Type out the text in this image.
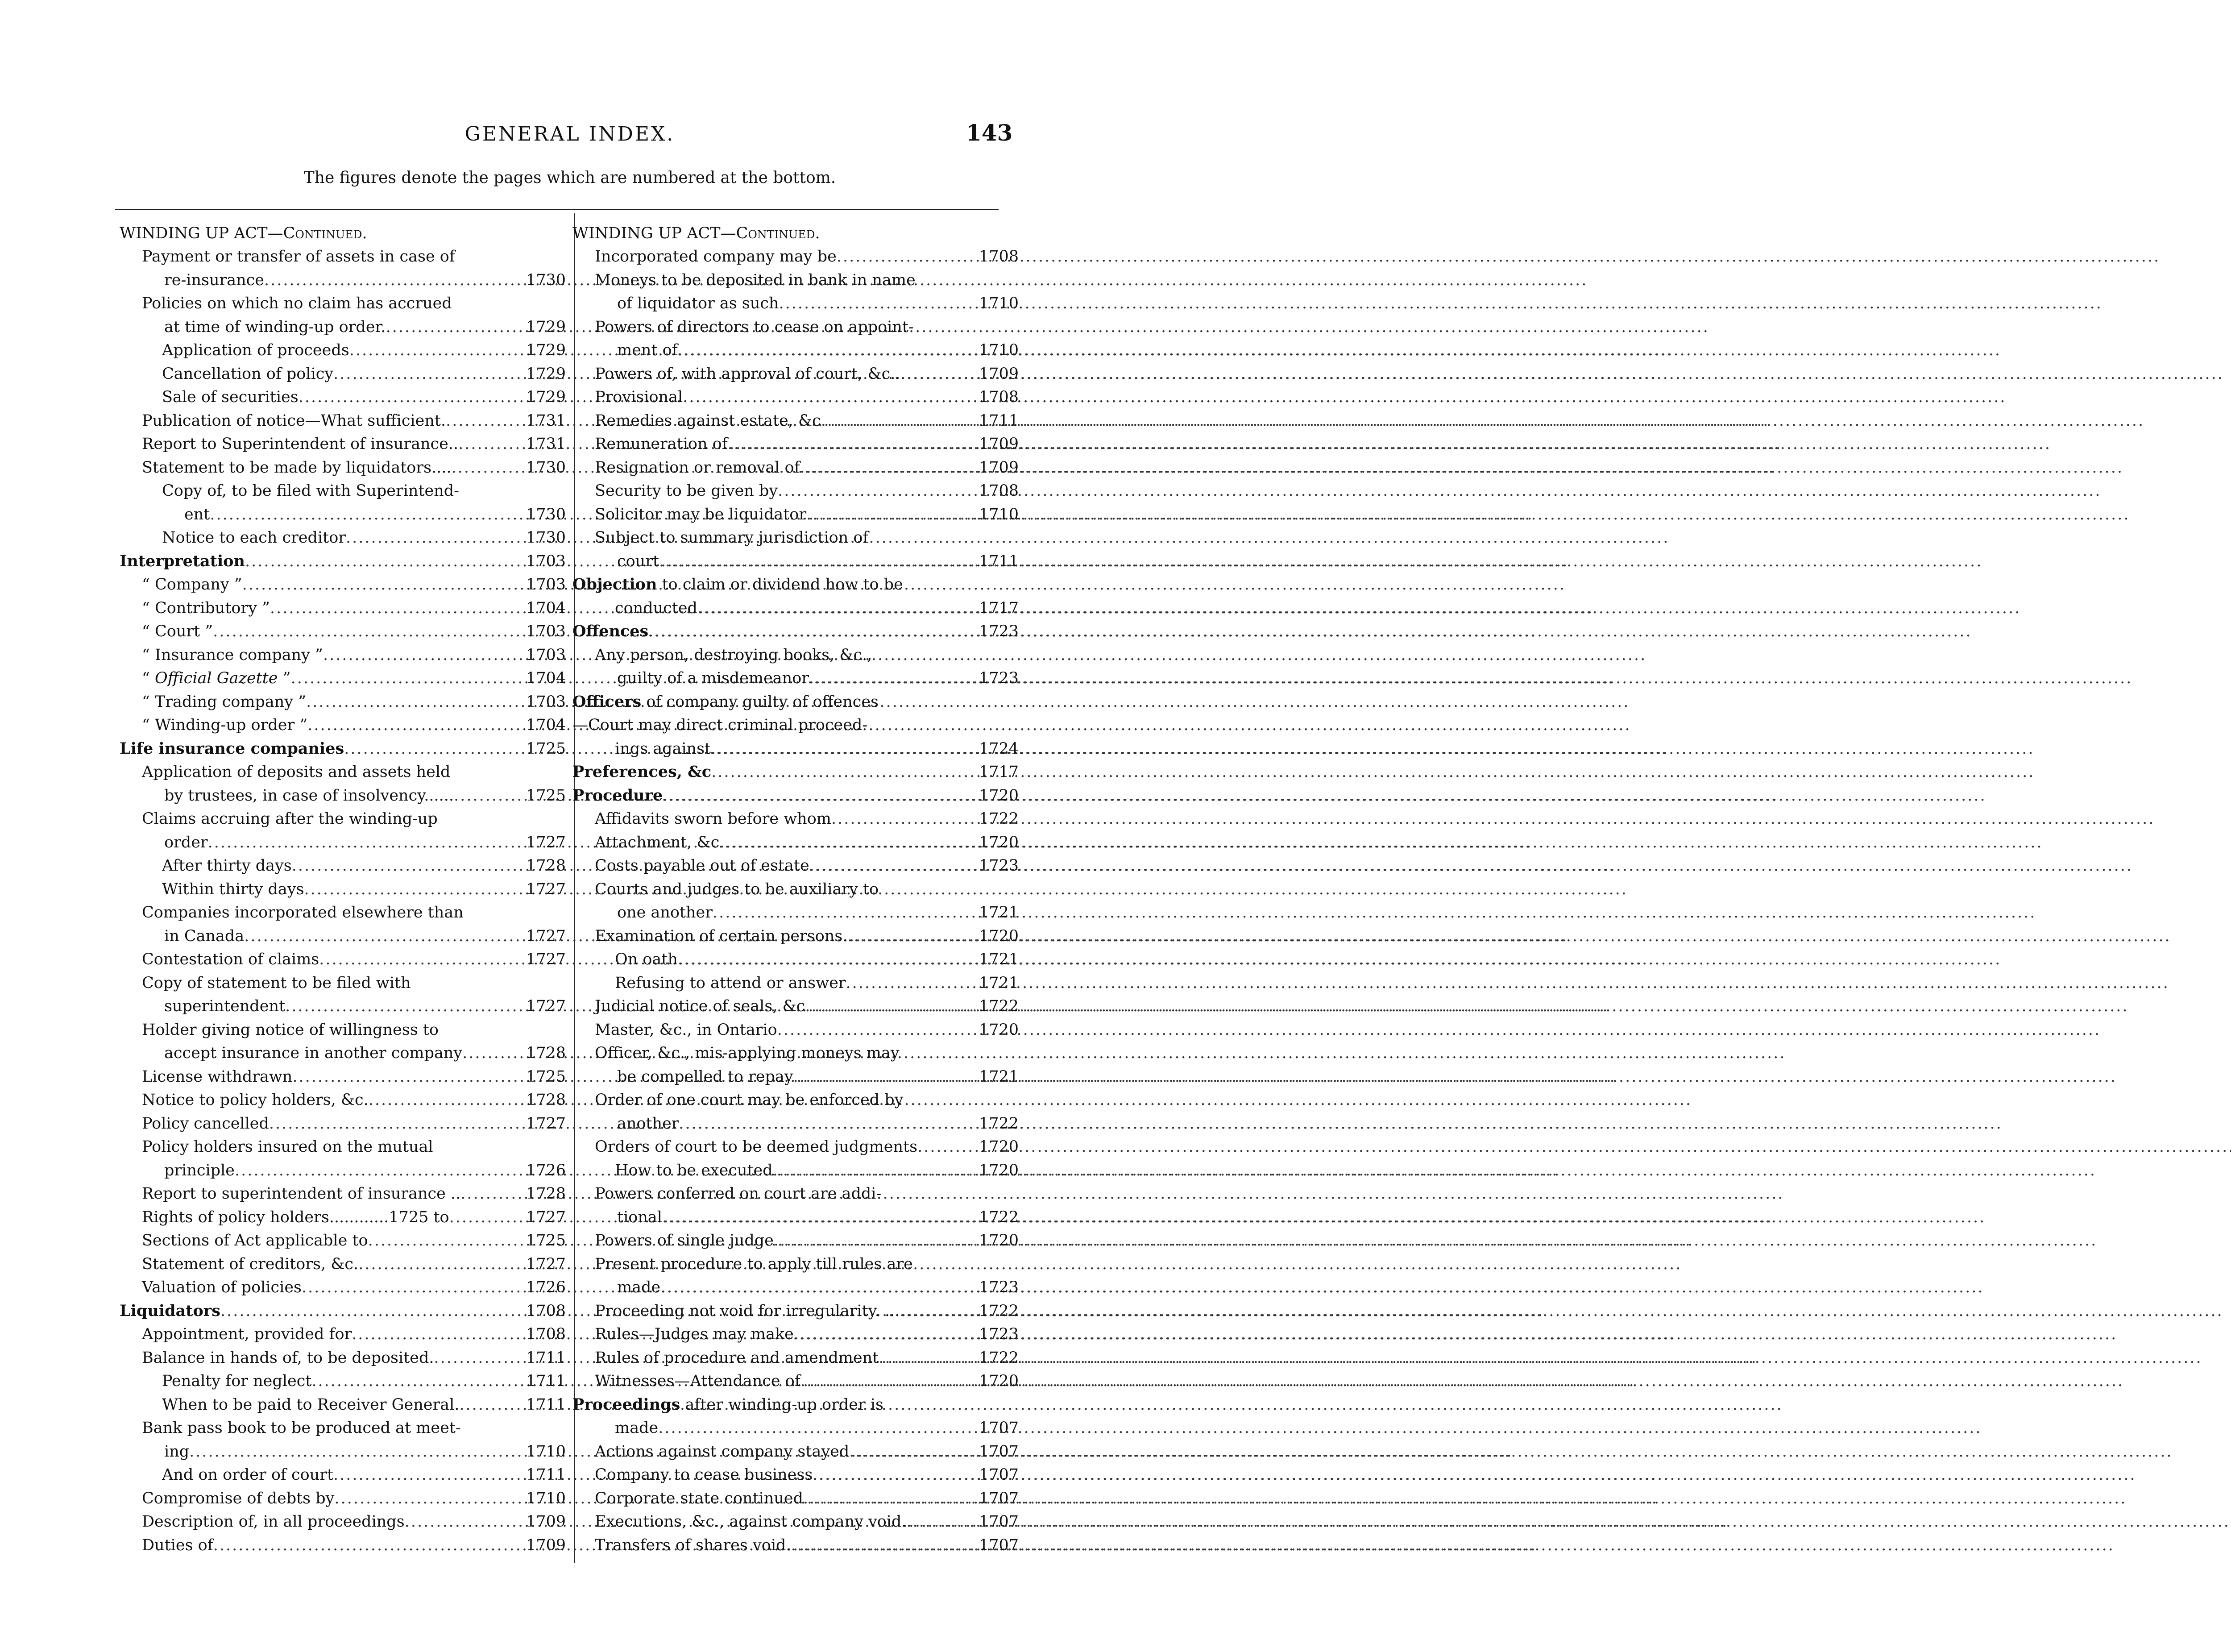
GENERAL INDEX.	143
The figures denote the pages which are numbered at the bottom.

WINDING UP ACT—Continued.

Payment or transfer of assets in case of
re-insurance .....	1730
Policies on which no claim has accrued
at time of winding-up order. .....	1729
Application of proceeds .....	1729
Cancellation of policy .....	1729
Sale of securities .....	1729
Publication of notice—What sufficient. .....	1731
Report to Superintendent of insurance.. .....	1731
Statement to be made by liquidators.... .....	1730
Copy of, to be filed with Superintend-
ent .....	1730
Notice to each creditor .....	1730
Interpretation .....	1703
“ Company ” .....	1703
“ Contributory ” .....	1704
“ Court ” .....	1703
“ Insurance company ” .....	1703
“ Official Gazette ” .....	1704
“ Trading company ” .....	1703
“ Winding-up order ” .....	1704
Life insurance companies .....	1725
Application of deposits and assets held
by trustees, in case of insolvency...... .....	1725
Claims accruing after the winding-up
order .....	1727
After thirty days .....	1728
Within thirty days .....	1727
Companies incorporated elsewhere than
in Canada .....	1727
Contestation of claims .....	1727
Copy of statement to be filed with
superintendent .....	1727
Holder giving notice of willingness to
accept insurance in another company .....	1728
License withdrawn .....	1725
Notice to policy holders, &c. .....	1728
Policy cancelled .....	1727
Policy holders insured on the mutual
principle .....	1726
Report to superintendent of insurance .. .....	1728
Rights of policy holders............1725 to .....	1727
Sections of Act applicable to .....	1725
Statement of creditors, &c. .....	1727
Valuation of policies .....	1726
Liquidators .....	1708
Appointment, provided for .....	1708
Balance in hands of, to be deposited. .....	1711
Penalty for neglect .....	1711
When to be paid to Receiver General. .....	1711
Bank pass book to be produced at meet-
ing .....	1710
And on order of court .....	1711
Compromise of debts by .....	1710
Description of, in all proceedings .....	1709
Duties of .....	1709

WINDING UP ACT—Continued.

Incorporated company may be .....	1708
Moneys to be deposited in bank in name
of liquidator as such .....	1710
Powers of directors to cease on appoint-
ment of .....	1710
Powers of, with approval of court, &c.. .....	1709
Provisional .....	1708
Remedies against estate, &c .....	1711
Remuneration of .....	1709
Resignation or removal of .....	1709
Security to be given by .....	1708
Solicitor may be liquidator .....	1710
Subject to summary jurisdiction of
court .....	1711
Objection to claim or dividend how to be
conducted .....	1717
Offences .....	1723
Any person, destroying books, &c.,
guilty of a misdemeanor .....	1723
Officers of company guilty of offences
—Court may direct criminal proceed-
ings against .....	1724
Preferences, &c .....	1717
Procedure .....	1720
Affidavits sworn before whom .....	1722
Attachment, &c .....	1720
Costs payable out of estate .....	1723
Courts and judges to be auxiliary to
one another .....	1721
Examination of certain persons. .....	1720
On oath .....	1721
Refusing to attend or answer .....	1721
Judicial notice of seals, &c .....	1722
Master, &c., in Ontario .....	1720
Officer, &c., mis-applying moneys may
be compelled to repay .....	1721
Order of one court may be enforced by
another .....	1722
Orders of court to be deemed judgments .....	1720
How to be executed .....	1720
Powers conferred on court are addi-
tional .....	1722
Powers of single judge .....	1720
Present procedure to apply till rules are
made .....	1723
Proceeding not void for irregularity. ... .....	1722
Rules—Judges may make .....	1723
Rules of procedure and amendment .....	1722
Witnesses—Attendance of .....	1720
Proceedings after winding-up order is
made .....	1707
Actions against company stayed .....	1707
Company to cease business .....	1707
Corporate state continued .....	1707
Executions, &c., against company void. .....	1707
Transfers of shares void. .....	1707
